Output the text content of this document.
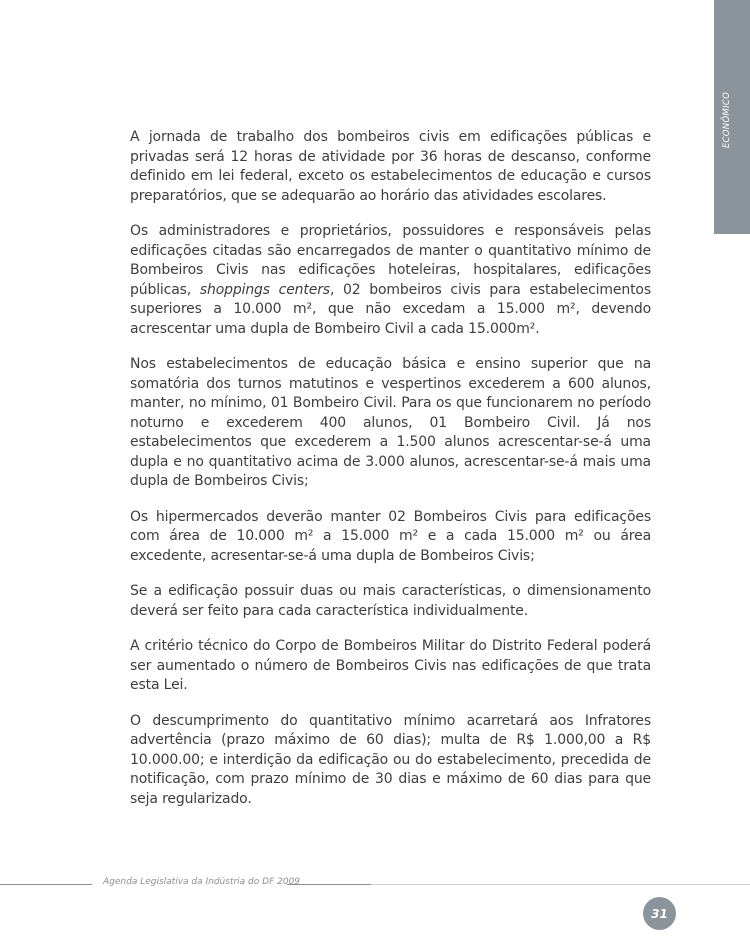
ECONÔMICO

A jornada de trabalho dos bombeiros civis em edificações públicas e privadas será 12 horas de atividade por 36 horas de descanso, conforme definido em lei federal, exceto os estabelecimentos de educação e cursos preparatórios, que se adequarão ao horário das atividades escolares.

Os administradores e proprietários, possuidores e responsáveis pelas edificações citadas são encarregados de manter o quantitativo mínimo de Bombeiros Civis nas edificações hoteleiras, hospitalares, edificações públicas, shoppings centers, 02 bombeiros civis para estabelecimentos superiores a 10.000 m², que não excedam a 15.000 m², devendo acrescentar uma dupla de Bombeiro Civil a cada 15.000m².

Nos estabelecimentos de educação básica e ensino superior que na somatória dos turnos matutinos e vespertinos excederem a 600 alunos, manter, no mínimo, 01 Bombeiro Civil. Para os que funcionarem no período noturno e excederem 400 alunos, 01 Bombeiro Civil. Já nos estabelecimentos que excederem a 1.500 alunos acrescentar-se-á uma dupla e no quantitativo acima de 3.000 alunos, acrescentar-se-á mais uma dupla de Bombeiros Civis;

Os hipermercados deverão manter 02 Bombeiros Civis para edificações com área de 10.000 m² a 15.000 m² e a cada 15.000 m² ou área excedente, acresentar-se-á uma dupla de Bombeiros Civis;

Se a edificação possuir duas ou mais características, o dimensionamento deverá ser feito para cada característica individualmente.

A critério técnico do Corpo de Bombeiros Militar do Distrito Federal poderá ser aumentado o número de Bombeiros Civis nas edificações de que trata esta Lei.

O descumprimento do quantitativo mínimo acarretará aos Infratores advertência (prazo máximo de 60 dias); multa de R$ 1.000,00 a R$ 10.000.00; e interdição da edificação ou do estabelecimento, precedida de notificação, com prazo mínimo de 30 dias e máximo de 60 dias para que seja regularizado.

Agenda Legislativa da Indústria do DF 2009
31
